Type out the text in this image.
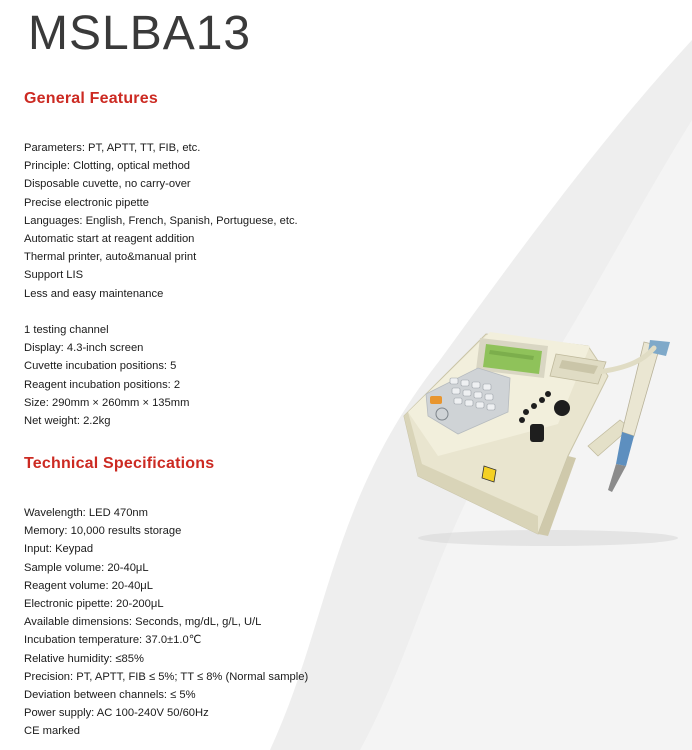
MSLBA13
General Features
Parameters: PT, APTT, TT, FIB, etc.
Principle: Clotting, optical method
Disposable cuvette, no carry-over
Precise electronic pipette
Languages: English, French, Spanish, Portuguese, etc.
Automatic start at reagent addition
Thermal printer, auto&manual print
Support LIS
Less and easy maintenance
1 testing channel
Display: 4.3-inch screen
Cuvette incubation positions: 5
Reagent incubation positions: 2
Size: 290mm × 260mm × 135mm
Net weight: 2.2kg
Technical Specifications
Wavelength: LED 470nm
Memory: 10,000 results storage
Input: Keypad
Sample volume: 20-40μL
Reagent volume: 20-40μL
Electronic pipette: 20-200μL
Available dimensions: Seconds, mg/dL, g/L, U/L
Incubation temperature: 37.0±1.0℃
Relative humidity: ≤85%
Precision: PT, APTT, FIB ≤ 5%; TT ≤ 8% (Normal sample)
Deviation between channels: ≤ 5%
Power supply: AC 100-240V 50/60Hz
CE marked
